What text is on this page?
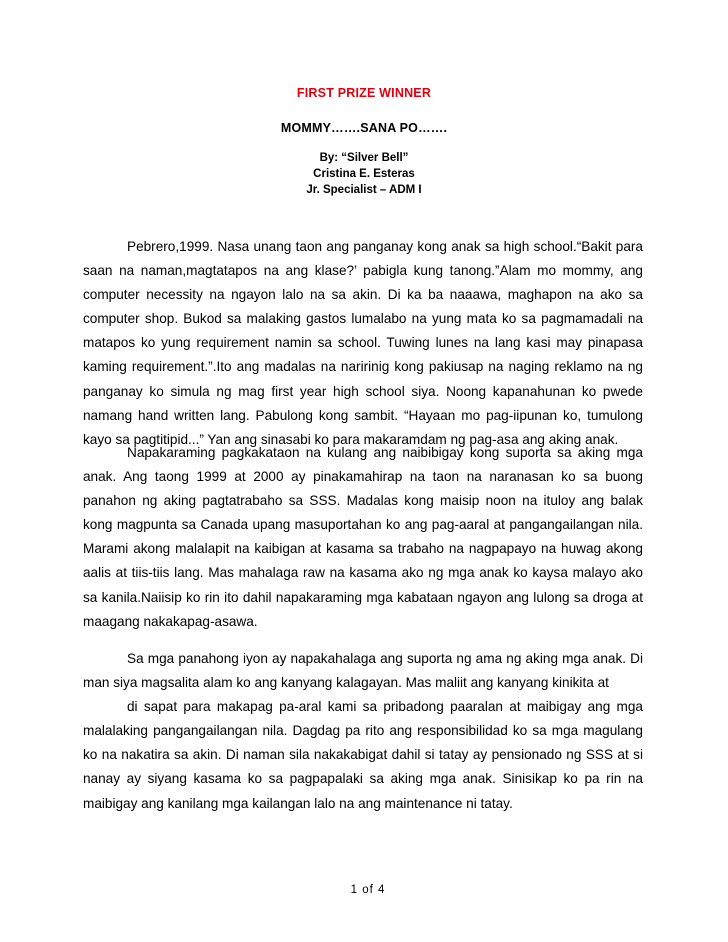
FIRST PRIZE WINNER
MOMMY…….SANA PO…….
By: “Silver Bell”
Cristina E. Esteras
Jr. Specialist – ADM I

Pebrero,1999. Nasa unang taon ang panganay kong anak sa high school.“Bakit para saan na naman,magtatapos na ang klase?’ pabigla kung tanong.”Alam mo mommy, ang computer necessity na ngayon lalo na sa akin. Di ka ba naaawa, maghapon na ako sa computer shop. Bukod sa malaking gastos lumalabo na yung mata ko sa pagmamadali na matapos ko yung requirement namin sa school. Tuwing lunes na lang kasi may pinapasa kaming requirement.”.Ito ang madalas na naririnig kong pakiusap na naging reklamo na ng panganay ko simula ng mag first year high school siya. Noong kapanahunan ko pwede namang hand written lang. Pabulong kong sambit. “Hayaan mo pag-iipunan ko, tumulong kayo sa pagtitipid...” Yan ang sinasabi ko para makaramdam ng pag-asa ang aking anak.

Napakaraming pagkakataon na kulang ang naibibigay kong suporta sa aking mga anak. Ang taong 1999 at 2000 ay pinakamahirap na taon na naranasan ko sa buong panahon ng aking pagtatrabaho sa SSS. Madalas kong maisip noon na ituloy ang balak kong magpunta sa Canada upang masuportahan ko ang pag-aaral at pangangailangan nila. Marami akong malalapit na kaibigan at kasama sa trabaho na nagpapayo na huwag akong aalis at tiis-tiis lang. Mas mahalaga raw na kasama ako ng mga anak ko kaysa malayo ako sa kanila.Naiisip ko rin ito dahil napakaraming mga kabataan ngayon ang lulong sa droga at maagang nakakapag-asawa.

Sa mga panahong iyon ay napakahalaga ang suporta ng ama ng aking mga anak. Di man siya magsalita alam ko ang kanyang kalagayan. Mas maliit ang kanyang kinikita at

di sapat para makapag pa-aral kami sa pribadong paaralan at maibigay ang mga malalaking pangangailangan nila. Dagdag pa rito ang responsibilidad ko sa mga magulang ko na nakatira sa akin. Di naman sila nakakabigat dahil si tatay ay pensionado ng SSS at si nanay ay siyang kasama ko sa pagpapalaki sa aking mga anak. Sinisikap ko pa rin na maibigay ang kanilang mga kailangan lalo na ang maintenance ni tatay.

1 of 4
